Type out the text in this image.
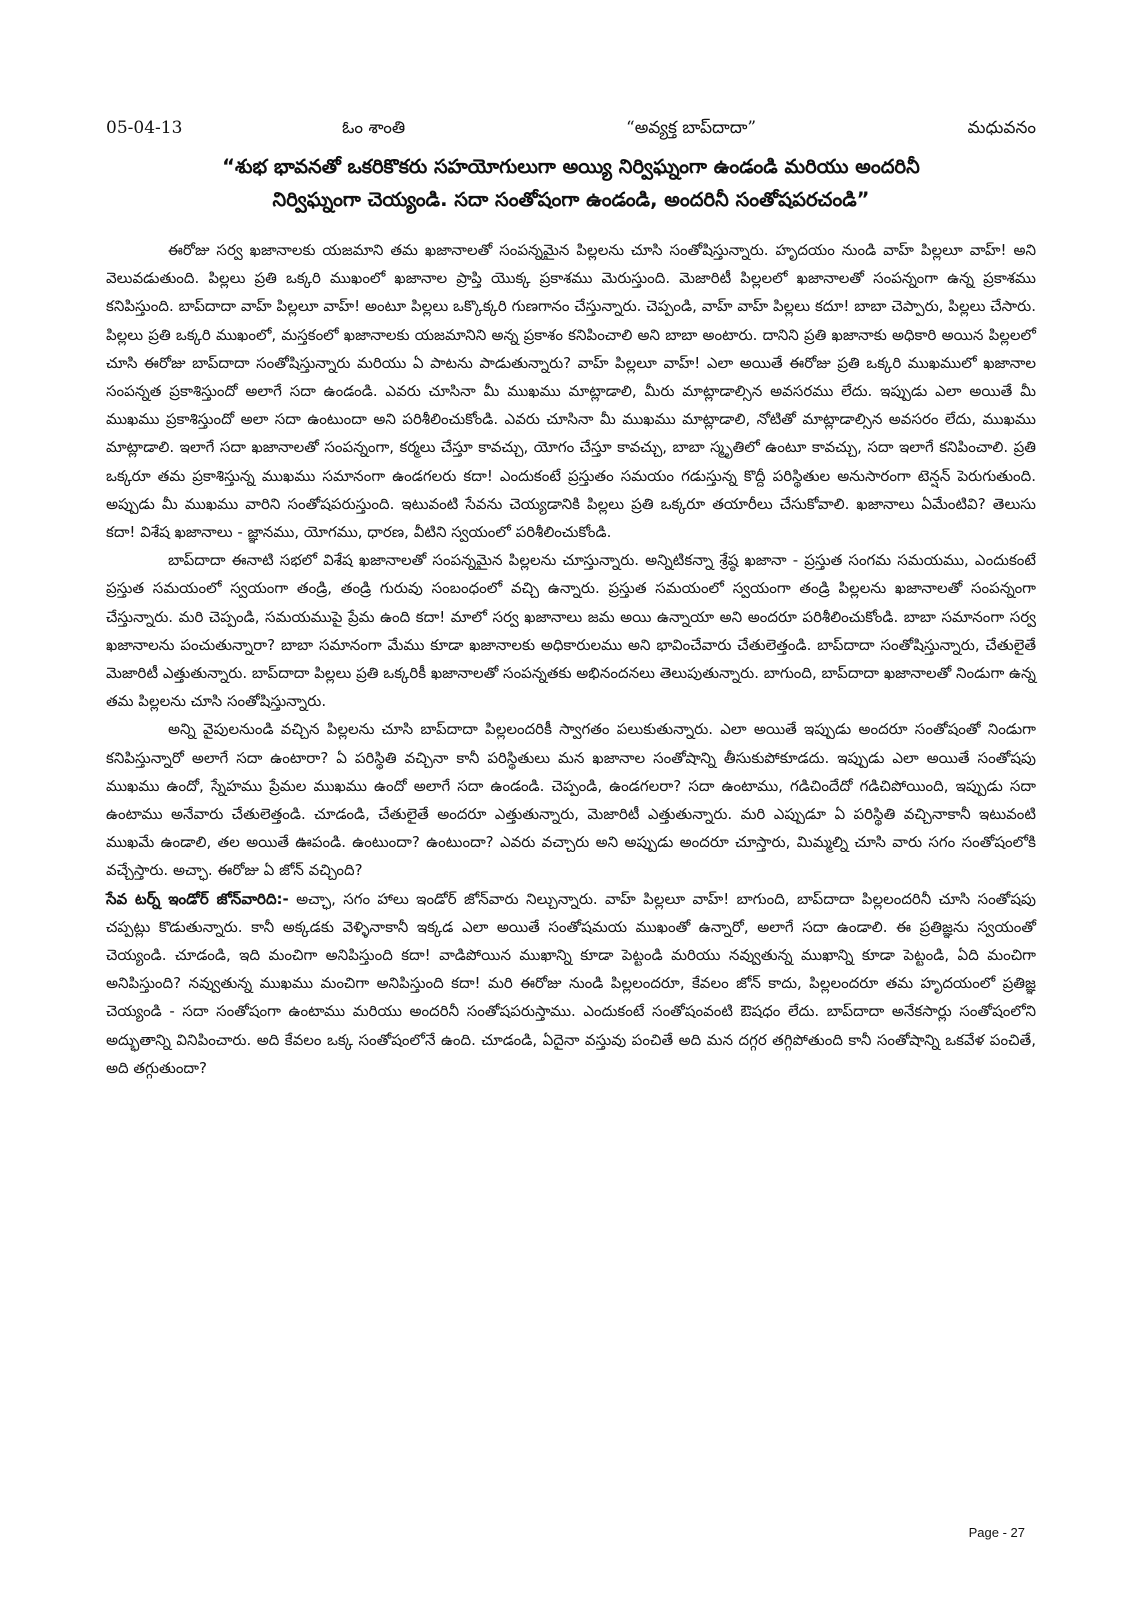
05-04-13	ఓం శాంతి	“అవ్యక్త బాప్‌దాదా”	మధువనం
“శుభ భావనతో ఒకరికొకరు సహయోగులుగా అయ్యి నిర్విఘ్నంగా ఉండండి మరియు అందరినీ
నిర్విఘ్నంగా చెయ్యండి. సదా సంతోషంగా ఉండండి, అందరినీ సంతోషపరచండి”

ఈరోజు సర్వ ఖజానాలకు యజమాని తమ ఖజానాలతో సంపన్నమైన పిల్లలను చూసి సంతోషిస్తున్నారు. హృదయం నుండి వాహ్ పిల్లలూ వాహ్! అని వెలువడుతుంది. పిల్లలు ప్రతి ఒక్కరి ముఖంలో ఖజానాల ప్రాప్తి యొక్క ప్రకాశము మెరుస్తుంది. మెజారిటీ పిల్లలలో ఖజానాలతో సంపన్నంగా ఉన్న ప్రకాశము కనిపిస్తుంది. బాప్‌దాదా వాహ్ పిల్లలూ వాహ్! అంటూ పిల్లలు ఒక్కొక్కరి గుణగానం చేస్తున్నారు. చెప్పండి, వాహ్ వాహ్ పిల్లలు కదూ! బాబా చెప్పారు, పిల్లలు చేసారు. పిల్లలు ప్రతి ఒక్కరి ముఖంలో, మస్తకంలో ఖజానాలకు యజమానిని అన్న ప్రకాశం కనిపించాలి అని బాబా అంటారు. దానిని ప్రతి ఖజానాకు అధికారి అయిన పిల్లలలో చూసి ఈరోజు బాప్‌దాదా సంతోషిస్తున్నారు మరియు ఏ పాటను పాడుతున్నారు? వాహ్ పిల్లలూ వాహ్! ఎలా అయితే ఈరోజు ప్రతి ఒక్కరి ముఖములో ఖజానాల సంపన్నత ప్రకాశిస్తుందో అలాగే సదా ఉండండి. ఎవరు చూసినా మీ ముఖము మాట్లాడాలి, మీరు మాట్లాడాల్సిన అవసరము లేదు. ఇప్పుడు ఎలా అయితే మీ ముఖము ప్రకాశిస్తుందో అలా సదా ఉంటుందా అని పరిశీలించుకోండి. ఎవరు చూసినా మీ ముఖము మాట్లాడాలి, నోటితో మాట్లాడాల్సిన అవసరం లేదు, ముఖము మాట్లాడాలి. ఇలాగే సదా ఖజానాలతో సంపన్నంగా, కర్మలు చేస్తూ కావచ్చు, యోగం చేస్తూ కావచ్చు, బాబా స్మృతిలో ఉంటూ కావచ్చు, సదా ఇలాగే కనిపించాలి. ప్రతి ఒక్కరూ తమ ప్రకాశిస్తున్న ముఖము సమానంగా ఉండగలరు కదా! ఎందుకంటే ప్రస్తుతం సమయం గడుస్తున్న కొద్దీ పరిస్థితుల అనుసారంగా టెన్షన్ పెరుగుతుంది. అప్పుడు మీ ముఖము వారిని సంతోషపరుస్తుంది. ఇటువంటి సేవను చెయ్యడానికి పిల్లలు ప్రతి ఒక్కరూ తయారీలు చేసుకోవాలి. ఖజానాలు ఏమేంటివి? తెలుసు కదా! విశేష ఖజానాలు - జ్ఞానము, యోగము, ధారణ, వీటిని స్వయంలో పరిశీలించుకోండి.

బాప్‌దాదా ఈనాటి సభలో విశేష ఖజానాలతో సంపన్నమైన పిల్లలను చూస్తున్నారు. అన్నిటికన్నా శ్రేష్ఠ ఖజానా - ప్రస్తుత సంగమ సమయము, ఎందుకంటే ప్రస్తుత సమయంలో స్వయంగా తండ్రి, తండ్రి గురువు సంబంధంలో వచ్చి ఉన్నారు. ప్రస్తుత సమయంలో స్వయంగా తండ్రి పిల్లలను ఖజానాలతో సంపన్నంగా చేస్తున్నారు. మరి చెప్పండి, సమయముపై ప్రేమ ఉంది కదా! మాలో సర్వ ఖజానాలు జమ అయి ఉన్నాయా అని అందరూ పరిశీలించుకోండి. బాబా సమానంగా సర్వ ఖజానాలను పంచుతున్నారా? బాబా సమానంగా మేము కూడా ఖజానాలకు అధికారులము అని భావించేవారు చేతులెత్తండి. బాప్‌దాదా సంతోషిస్తున్నారు, చేతులైతే మెజారిటీ ఎత్తుతున్నారు. బాప్‌దాదా పిల్లలు ప్రతి ఒక్కరికీ ఖజానాలతో సంపన్నతకు అభినందనలు తెలుపుతున్నారు. బాగుంది, బాప్‌దాదా ఖజానాలతో నిండుగా ఉన్న తమ పిల్లలను చూసి సంతోషిస్తున్నారు.

అన్ని వైపులనుండి వచ్చిన పిల్లలను చూసి బాప్‌దాదా పిల్లలందరికీ స్వాగతం పలుకుతున్నారు. ఎలా అయితే ఇప్పుడు అందరూ సంతోషంతో నిండుగా కనిపిస్తున్నారో అలాగే సదా ఉంటారా? ఏ పరిస్థితి వచ్చినా కానీ పరిస్థితులు మన ఖజానాల సంతోషాన్ని తీసుకుపోకూడదు. ఇప్పుడు ఎలా అయితే సంతోషపు ముఖము ఉందో, స్నేహము ప్రేమల ముఖము ఉందో అలాగే సదా ఉండండి. చెప్పండి, ఉండగలరా? సదా ఉంటాము, గడిచిందేదో గడిచిపోయింది, ఇప్పుడు సదా ఉంటాము అనేవారు చేతులెత్తండి. చూడండి, చేతులైతే అందరూ ఎత్తుతున్నారు, మెజారిటీ ఎత్తుతున్నారు. మరి ఎప్పుడూ ఏ పరిస్థితి వచ్చినాకానీ ఇటువంటి ముఖమే ఉండాలి, తల అయితే ఊపండి. ఉంటుందా? ఉంటుందా? ఎవరు వచ్చారు అని అప్పుడు అందరూ చూస్తారు, మిమ్మల్ని చూసి వారు సగం సంతోషంలోకి వచ్చేస్తారు. అచ్ఛా. ఈరోజు ఏ జోన్ వచ్చింది?

సేవ టర్న్ ఇండోర్ జోన్‌వారిది:- అచ్ఛా, సగం హాలు ఇండోర్ జోన్‌వారు నిల్చున్నారు. వాహ్ పిల్లలూ వాహ్! బాగుంది, బాప్‌దాదా పిల్లలందరినీ చూసి సంతోషపు చప్పట్లు కొడుతున్నారు. కానీ అక్కడకు వెళ్ళినాకానీ ఇక్కడ ఎలా అయితే సంతోషమయ ముఖంతో ఉన్నారో, అలాగే సదా ఉండాలి. ఈ ప్రతిజ్ఞను స్వయంతో చెయ్యండి. చూడండి, ఇది మంచిగా అనిపిస్తుంది కదా! వాడిపోయిన ముఖాన్ని కూడా పెట్టండి మరియు నవ్వుతున్న ముఖాన్ని కూడా పెట్టండి, ఏది మంచిగా అనిపిస్తుంది? నవ్వుతున్న ముఖము మంచిగా అనిపిస్తుంది కదా! మరి ఈరోజు నుండి పిల్లలందరూ, కేవలం జోన్ కాదు, పిల్లలందరూ తమ హృదయంలో ప్రతిజ్ఞ చెయ్యండి - సదా సంతోషంగా ఉంటాము మరియు అందరినీ సంతోషపరుస్తాము. ఎందుకంటే సంతోషంవంటి ఔషధం లేదు. బాప్‌దాదా అనేకసార్లు సంతోషంలోని అద్భుతాన్ని వినిపించారు. అది కేవలం ఒక్క సంతోషంలోనే ఉంది. చూడండి, ఏదైనా వస్తువు పంచితే అది మన దగ్గర తగ్గిపోతుంది కానీ సంతోషాన్ని ఒకవేళ పంచితే, అది తగ్గుతుందా?

Page - 27
